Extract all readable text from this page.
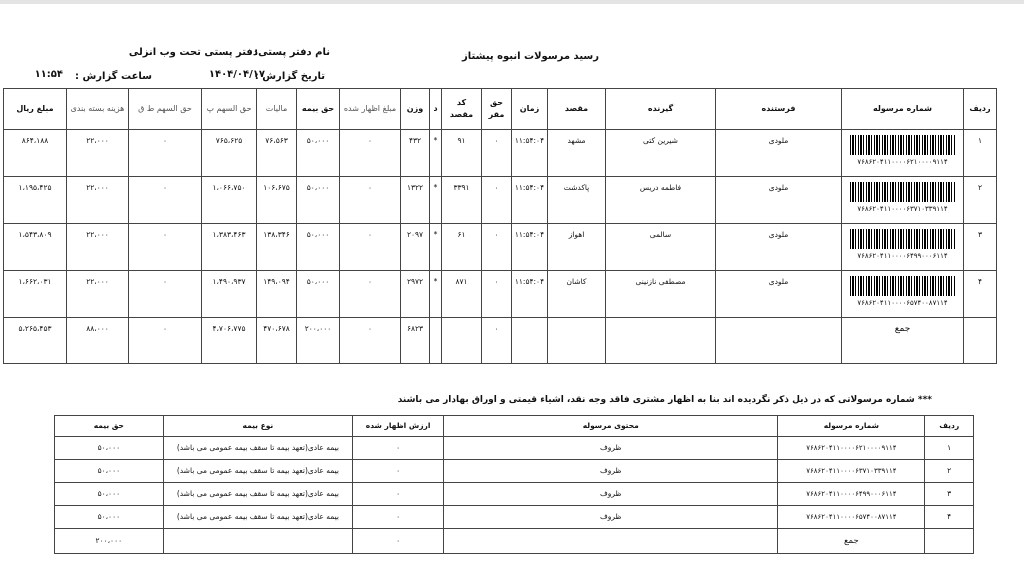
رسید مرسولات انبوه پیشتاز
نام دفتر پستی:
دفتر پستی تحت وب انزلی
تاریخ گزارش :
۱۴۰۴/۰۴/۱۷
ساعت گزارش :
۱۱:۵۴
ردیف	شماره مرسوله	فرستنده	گیرنده	مقصد	زمان	حق مقر	کد مقصد	د	وزن	مبلغ اظهار شده	حق بیمه	مالیات	حق السهم پ	حق السهم ط ق	هزینه بسته بندی	مبلغ ریال
۱	۷۶۸۶۲۰۴۱۱۰۰۰۰۶۲۱۰۰۰۰۹۱۱۴	ملودی	شیرین کتی	مشهد	۱۱:۵۴:۰۴	۰	۹۱	*	۴۳۲	۰	۵۰،۰۰۰	۷۶،۵۶۳	۷۶۵،۶۲۵	۰	۲۲،۰۰۰	۸۶۴،۱۸۸
۲	۷۶۸۶۲۰۴۱۱۰۰۰۰۶۳۷۱۰۳۳۹۱۱۴	ملودی	فاطمه دریس	پاکدشت	۱۱:۵۴:۰۴	۰	۳۳۹۱	*	۱۳۲۲	۰	۵۰،۰۰۰	۱۰۶،۶۷۵	۱،۰۶۶،۷۵۰	۰	۲۲،۰۰۰	۱،۱۹۵،۴۲۵
۳	۷۶۸۶۲۰۴۱۱۰۰۰۰۶۴۹۹۰۰۰۶۱۱۴	ملودی	سالمی	اهواز	۱۱:۵۴:۰۴	۰	۶۱	*	۲۰۹۷	۰	۵۰،۰۰۰	۱۳۸،۳۴۶	۱،۳۸۳،۴۶۳	۰	۲۲،۰۰۰	۱،۵۴۳،۸۰۹
۴	۷۶۸۶۲۰۴۱۱۰۰۰۰۶۵۷۴۰۰۸۷۱۱۴	ملودی	مصطفی نازنینی	کاشان	۱۱:۵۴:۰۴	۰	۸۷۱	*	۲۹۷۲	۰	۵۰،۰۰۰	۱۴۹،۰۹۴	۱،۴۹۰،۹۳۷	۰	۲۲،۰۰۰	۱،۶۶۲،۰۳۱
	جمع					۰			۶۸۲۳	۰	۲۰۰،۰۰۰	۴۷۰،۶۷۸	۴،۷۰۶،۷۷۵	۰	۸۸،۰۰۰	۵،۲۶۵،۴۵۳
*** شماره مرسولاتی که در ذیل ذکر نگردیده اند بنا به اظهار مشتری فاقد وجه نقد، اشیاء قیمتی و اوراق بهادار می باشند
ردیف	شماره مرسوله	محتوی مرسوله	ارزش اظهار شده	نوع بیمه	حق بیمه
۱	۷۶۸۶۲۰۴۱۱۰۰۰۰۶۲۱۰۰۰۰۹۱۱۴	ظروف	۰	بیمه عادی(تعهد بیمه تا سقف بیمه عمومی می باشد)	۵۰،۰۰۰
۲	۷۶۸۶۲۰۴۱۱۰۰۰۰۶۳۷۱۰۳۳۹۱۱۴	ظروف	۰	بیمه عادی(تعهد بیمه تا سقف بیمه عمومی می باشد)	۵۰،۰۰۰
۳	۷۶۸۶۲۰۴۱۱۰۰۰۰۶۴۹۹۰۰۰۶۱۱۴	ظروف	۰	بیمه عادی(تعهد بیمه تا سقف بیمه عمومی می باشد)	۵۰،۰۰۰
۴	۷۶۸۶۲۰۴۱۱۰۰۰۰۶۵۷۴۰۰۸۷۱۱۴	ظروف	۰	بیمه عادی(تعهد بیمه تا سقف بیمه عمومی می باشد)	۵۰،۰۰۰
	جمع		۰		۲۰۰،۰۰۰
